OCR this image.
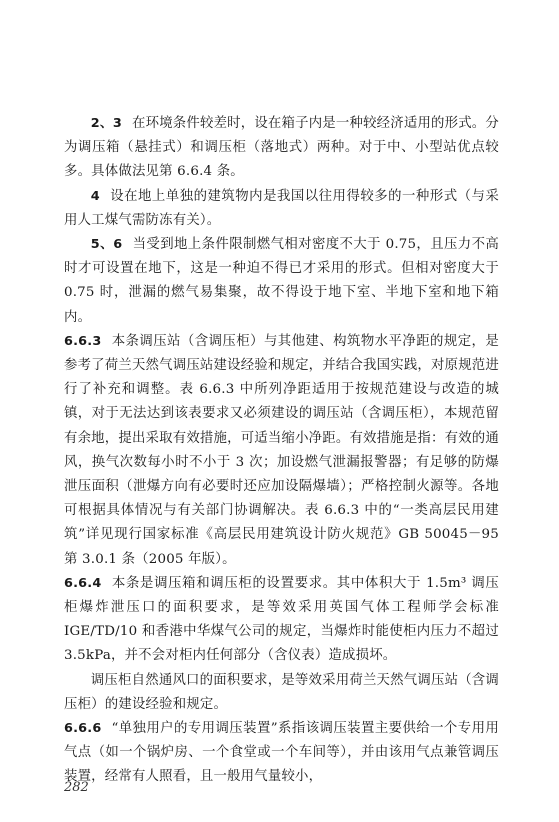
2、3 在环境条件较差时，设在箱子内是一种较经济适用的形式。分为调压箱（悬挂式）和调压柜（落地式）两种。对于中、小型站优点较多。具体做法见第 6.6.4 条。

4 设在地上单独的建筑物内是我国以往用得较多的一种形式（与采用人工煤气需防冻有关）。

5、6 当受到地上条件限制燃气相对密度不大于 0.75，且压力不高时才可设置在地下，这是一种迫不得已才采用的形式。但相对密度大于 0.75 时，泄漏的燃气易集聚，故不得设于地下室、半地下室和地下箱内。

6.6.3 本条调压站（含调压柜）与其他建、构筑物水平净距的规定，是参考了荷兰天然气调压站建设经验和规定，并结合我国实践，对原规范进行了补充和调整。表 6.6.3 中所列净距适用于按规范建设与改造的城镇，对于无法达到该表要求又必须建设的调压站（含调压柜），本规范留有余地，提出采取有效措施，可适当缩小净距。有效措施是指：有效的通风，换气次数每小时不小于 3 次；加设燃气泄漏报警器；有足够的防爆泄压面积（泄爆方向有必要时还应加设隔爆墙）；严格控制火源等。各地可根据具体情况与有关部门协调解决。表 6.6.3 中的“一类高层民用建筑”详见现行国家标准《高层民用建筑设计防火规范》GB 50045－95 第 3.0.1 条（2005 年版）。

6.6.4 本条是调压箱和调压柜的设置要求。其中体积大于 1.5m³ 调压柜爆炸泄压口的面积要求，是等效采用英国气体工程师学会标准 IGE/TD/10 和香港中华煤气公司的规定，当爆炸时能使柜内压力不超过 3.5kPa，并不会对柜内任何部分（含仪表）造成损坏。

调压柜自然通风口的面积要求，是等效采用荷兰天然气调压站（含调压柜）的建设经验和规定。

6.6.6 “单独用户的专用调压装置”系指该调压装置主要供给一个专用用气点（如一个锅炉房、一个食堂或一个车间等），并由该用气点兼管调压装置，经常有人照看，且一般用气量较小，

282
